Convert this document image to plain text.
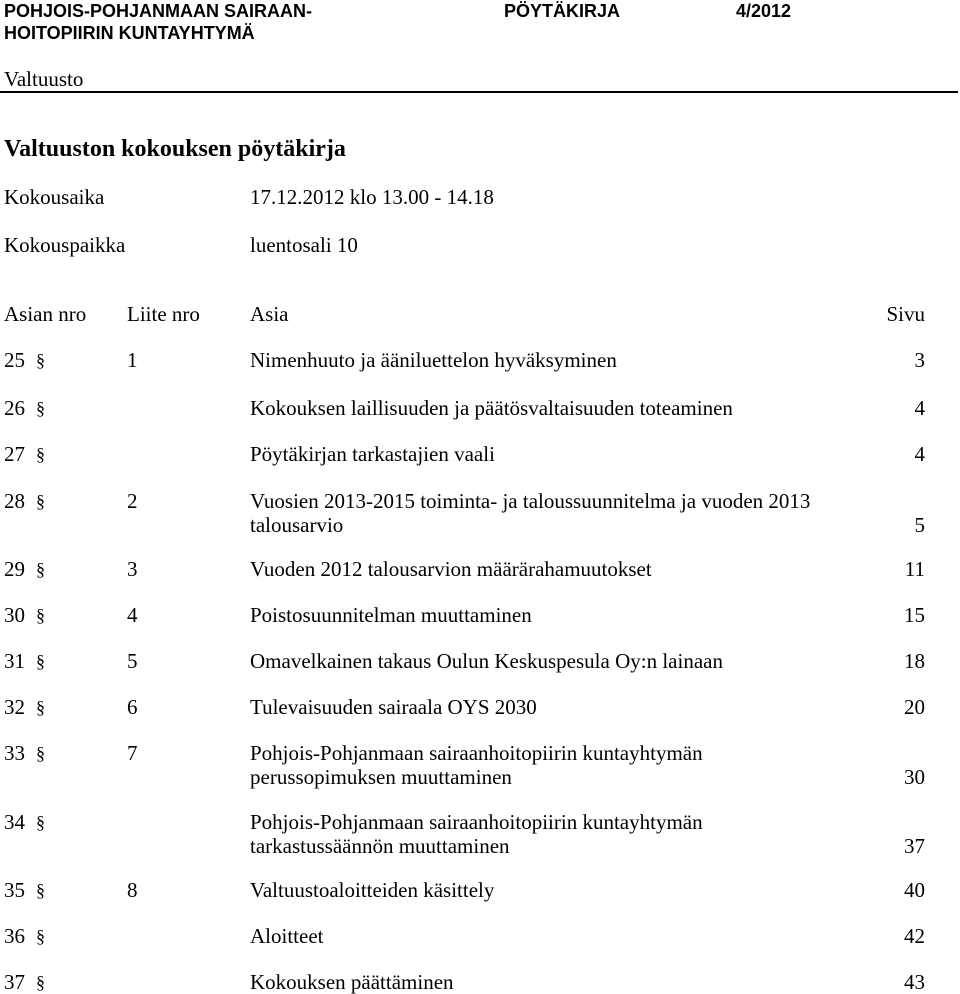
POHJOIS-POHJANMAAN SAIRAAN-
HOITOPIIRIN KUNTAYHTYMÄ
PÖYTÄKIRJA	4/2012
Valtuusto
Valtuuston kokouksen pöytäkirja
Kokousaika	17.12.2012 klo 13.00 - 14.18
Kokouspaikka	luentosali 10
Asian nro Liite nro Asia	Sivu
25 §	1	Nimenhuuto ja ääniluettelon hyväksyminen	3
26 §	Kokouksen laillisuuden ja päätösvaltaisuuden toteaminen	4
27 §	Pöytäkirjan tarkastajien vaali	4
28 §	2	Vuosien 2013-2015 toiminta- ja taloussuunnitelma ja vuoden 2013
talousarvio	5
29 §	3	Vuoden 2012 talousarvion määrärahamuutokset	11
30 §	4	Poistosuunnitelman muuttaminen	15
31 §	5	Omavelkainen takaus Oulun Keskuspesula Oy:n lainaan	18
32 §	6	Tulevaisuuden sairaala OYS 2030	20
33 §	7	Pohjois-Pohjanmaan sairaanhoitopiirin kuntayhtymän
perussopimuksen muuttaminen	30
34 §	Pohjois-Pohjanmaan sairaanhoitopiirin kuntayhtymän
tarkastussäännön muuttaminen	37
35 §	8	Valtuustoaloitteiden käsittely	40
36 §	Aloitteet	42
37 §	Kokouksen päättäminen	43
